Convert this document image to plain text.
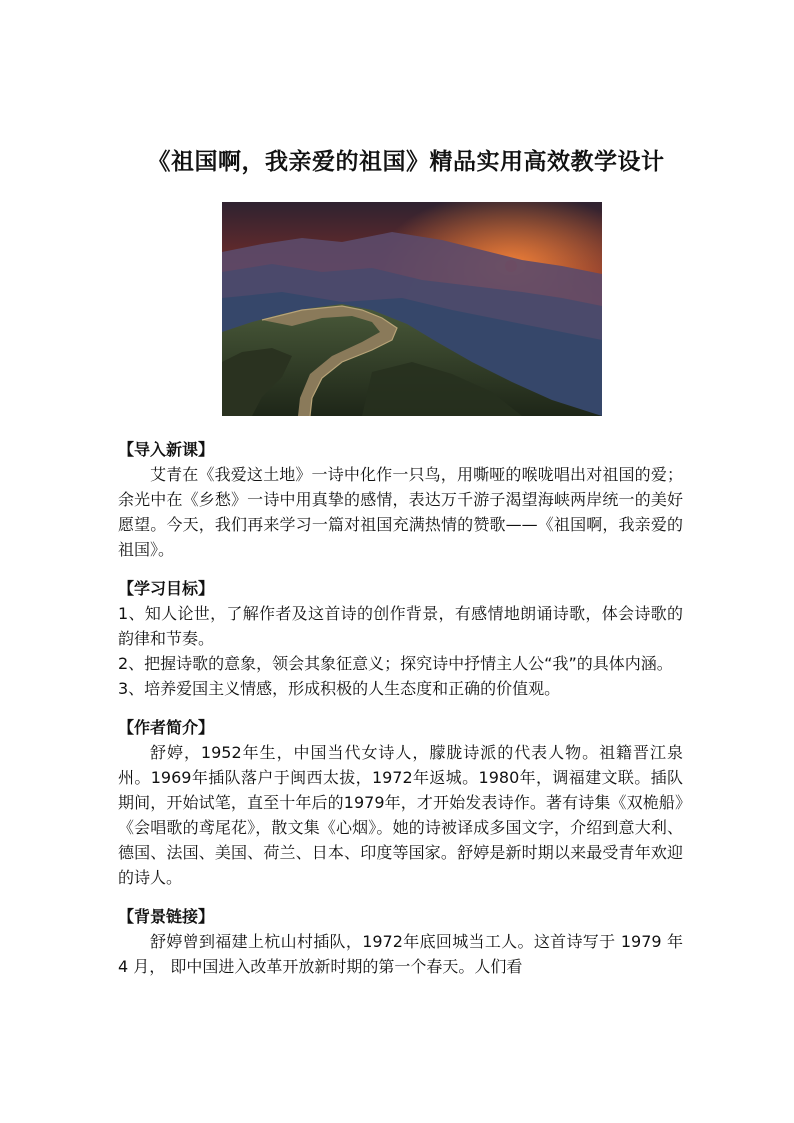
《祖国啊，我亲爱的祖国》精品实用高效教学设计
【导入新课】

艾青在《我爱这土地》一诗中化作一只鸟，用嘶哑的喉咙唱出对祖国的爱；余光中在《乡愁》一诗中用真挚的感情，表达万千游子渴望海峡两岸统一的美好愿望。今天，我们再来学习一篇对祖国充满热情的赞歌——《祖国啊，我亲爱的祖国》。

【学习目标】

1、知人论世，了解作者及这首诗的创作背景，有感情地朗诵诗歌，体会诗歌的韵律和节奏。

2、把握诗歌的意象，领会其象征意义；探究诗中抒情主人公“我”的具体内涵。

3、培养爱国主义情感，形成积极的人生态度和正确的价值观。

【作者简介】

舒婷，1952年生，中国当代女诗人，朦胧诗派的代表人物。祖籍晋江泉州。1969年插队落户于闽西太拔，1972年返城。1980年，调福建文联。插队期间，开始试笔，直至十年后的1979年，才开始发表诗作。著有诗集《双桅船》《会唱歌的鸢尾花》，散文集《心烟》。她的诗被译成多国文字，介绍到意大利、德国、法国、美国、荷兰、日本、印度等国家。舒婷是新时期以来最受青年欢迎的诗人。

【背景链接】

舒婷曾到福建上杭山村插队，1972年底回城当工人。这首诗写于 1979 年 4 月， 即中国进入改革开放新时期的第一个春天。人们看
